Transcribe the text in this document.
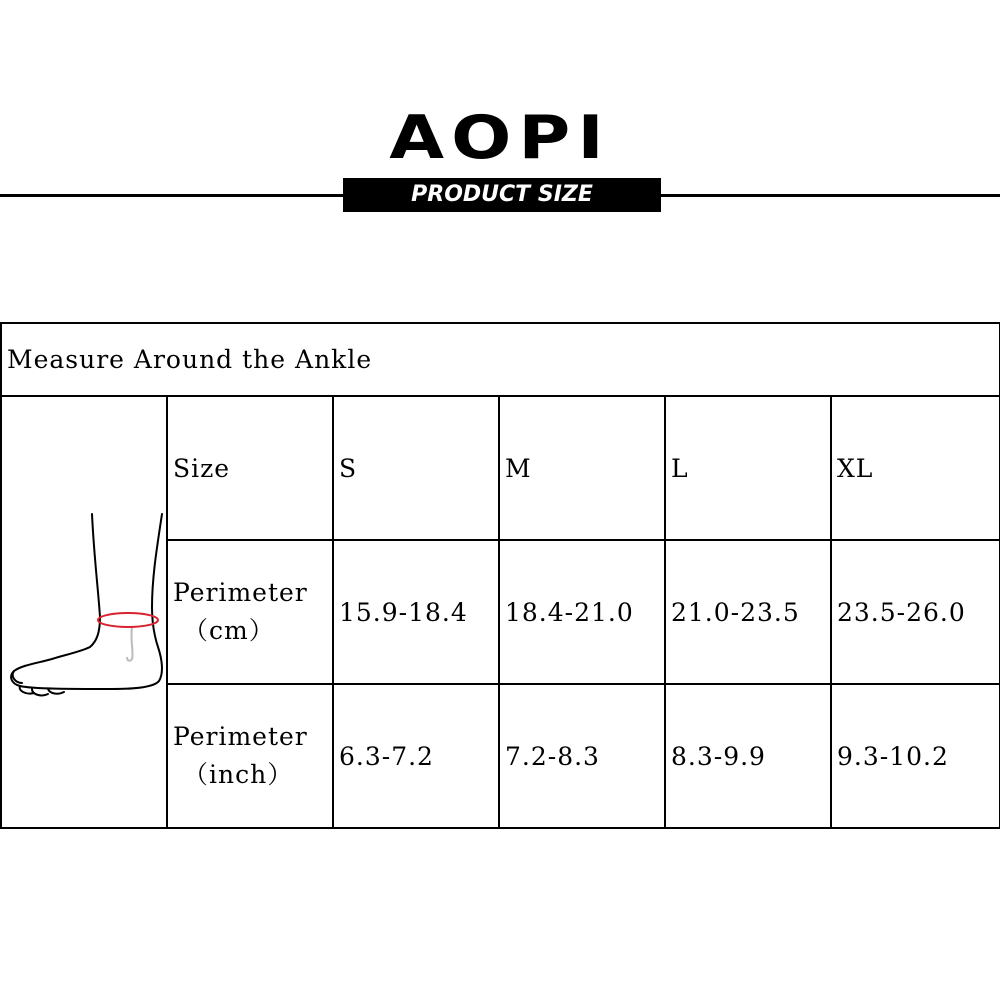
AOPI
PRODUCT SIZE
Measure Around the Ankle					

	Size	S	M	L	XL

	Perimeter
（cm）	15.9-18.4	18.4-21.0	21.0-23.5	23.5-26.0

	Perimeter
（inch）	6.3-7.2	7.2-8.3	8.3-9.9	9.3-10.2
